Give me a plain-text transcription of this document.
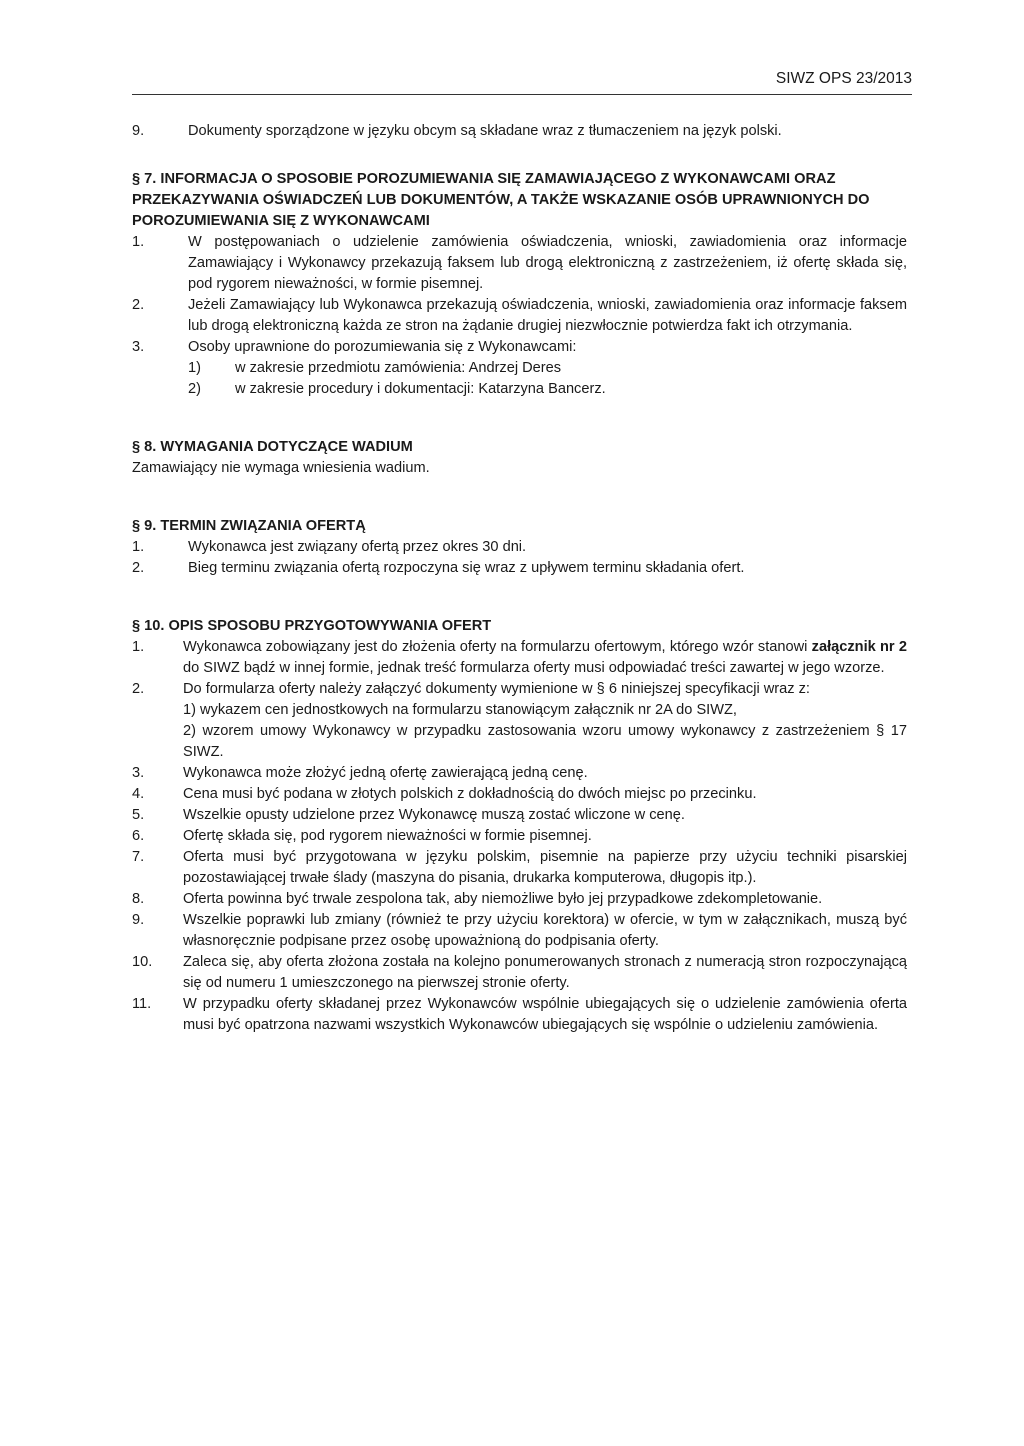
SIWZ OPS 23/2013
9.	Dokumenty sporządzone w języku obcym są składane wraz z tłumaczeniem na język polski.

§ 7. INFORMACJA O SPOSOBIE POROZUMIEWANIA SIĘ ZAMAWIAJĄCEGO Z WYKONAWCAMI ORAZ PRZEKAZYWANIA OŚWIADCZEŃ LUB DOKUMENTÓW, A TAKŻE WSKAZANIE OSÓB UPRAWNIONYCH DO POROZUMIEWANIA SIĘ Z WYKONAWCAMI

1.	W postępowaniach o udzielenie zamówienia oświadczenia, wnioski, zawiadomienia oraz informacje Zamawiający i Wykonawcy przekazują faksem lub drogą elektroniczną z zastrzeżeniem, iż ofertę składa się, pod rygorem nieważności, w formie pisemnej.
2.	Jeżeli Zamawiający lub Wykonawca przekazują oświadczenia, wnioski, zawiadomienia oraz informacje faksem lub drogą elektroniczną każda ze stron na żądanie drugiej niezwłocznie potwierdza fakt ich otrzymania.
3.	Osoby uprawnione do porozumiewania się z Wykonawcami:
1) w zakresie przedmiotu zamówienia: Andrzej Deres
2) w zakresie procedury i dokumentacji: Katarzyna Bancerz.

§ 8. WYMAGANIA DOTYCZĄCE WADIUM

Zamawiający nie wymaga wniesienia wadium.

§ 9. TERMIN ZWIĄZANIA OFERTĄ

1.	Wykonawca jest związany ofertą przez okres 30 dni.
2.	Bieg terminu związania ofertą rozpoczyna się wraz z upływem terminu składania ofert.

§ 10. OPIS SPOSOBU PRZYGOTOWYWANIA OFERT

1.	Wykonawca zobowiązany jest do złożenia oferty na formularzu ofertowym, którego wzór stanowi załącznik nr 2 do SIWZ bądź w innej formie, jednak treść formularza oferty musi odpowiadać treści zawartej w jego wzorze.
2.	Do formularza oferty należy załączyć dokumenty wymienione w § 6 niniejszej specyfikacji wraz z:
1) wykazem cen jednostkowych na formularzu stanowiącym załącznik nr 2A do SIWZ,
2) wzorem umowy Wykonawcy w przypadku zastosowania wzoru umowy wykonawcy z zastrzeżeniem § 17 SIWZ.
3.	Wykonawca może złożyć jedną ofertę zawierającą jedną cenę.
4.	Cena musi być podana w złotych polskich z dokładnością do dwóch miejsc po przecinku.
5.	Wszelkie opusty udzielone przez Wykonawcę muszą zostać wliczone w cenę.
6.	Ofertę składa się, pod rygorem nieważności w formie pisemnej.
7.	Oferta musi być przygotowana w języku polskim, pisemnie na papierze przy użyciu techniki pisarskiej pozostawiającej trwałe ślady (maszyna do pisania, drukarka komputerowa, długopis itp.).
8.	Oferta powinna być trwale zespolona tak, aby niemożliwe było jej przypadkowe zdekompletowanie.
9.	Wszelkie poprawki lub zmiany (również te przy użyciu korektora) w ofercie, w tym w załącznikach, muszą być własnoręcznie podpisane przez osobę upoważnioną do podpisania oferty.
10. Zaleca się, aby oferta złożona została na kolejno ponumerowanych stronach z numeracją stron rozpoczynającą się od numeru 1 umieszczonego na pierwszej stronie oferty.
11. W przypadku oferty składanej przez Wykonawców wspólnie ubiegających się o udzielenie zamówienia oferta musi być opatrzona nazwami wszystkich Wykonawców ubiegających się wspólnie o udzieleniu zamówienia.
